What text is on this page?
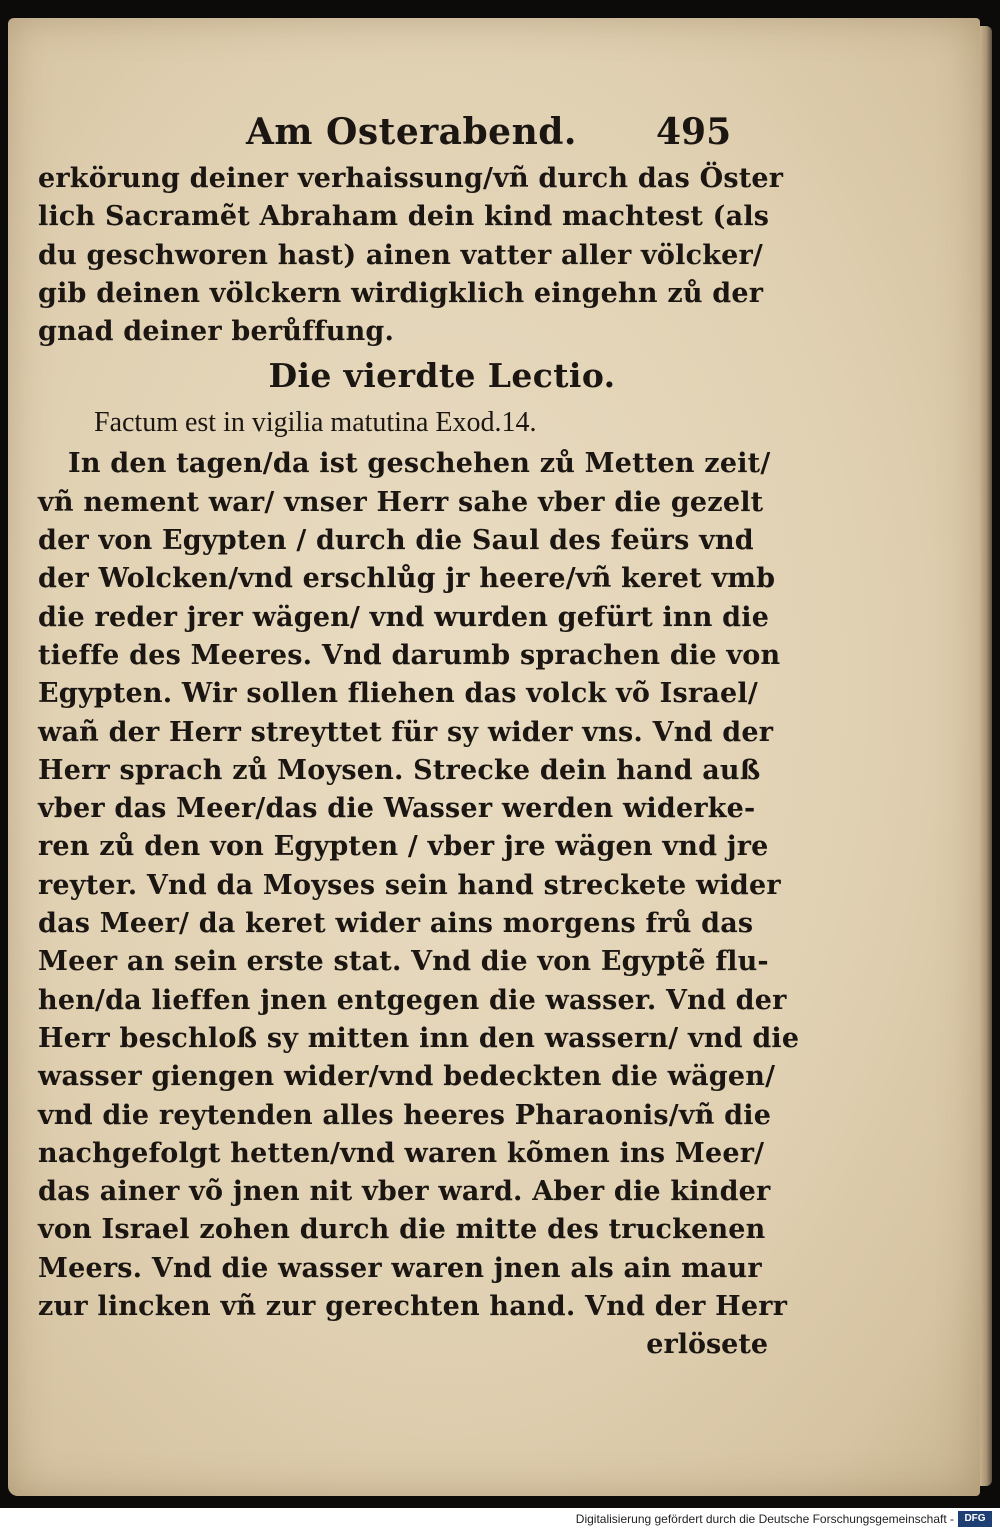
Am Osterabend. 495
erkörung deiner verhaissung/vñ durch das Öster
lich Sacramẽt Abraham dein kind machtest (als
du geschworen hast) ainen vatter aller völcker/
gib deinen völckern wirdigklich eingehn zů der
gnad deiner berůffung.
Die vierdte Lectio.
Factum est in vigilia matutina Exod.14.
In den tagen/da ist geschehen zů Metten zeit/
vñ nement war/ vnser Herr sahe vber die gezelt
der von Egypten / durch die Saul des feürs vnd
der Wolcken/vnd erschlůg jr heere/vñ keret vmb
die reder jrer wägen/ vnd wurden gefürt inn die
tieffe des Meeres. Vnd darumb sprachen die von
Egypten. Wir sollen fliehen das volck võ Israel/
wañ der Herr streyttet für sy wider vns. Vnd der
Herr sprach zů Moysen. Strecke dein hand auß
vber das Meer/das die Wasser werden widerke-
ren zů den von Egypten / vber jre wägen vnd jre
reyter. Vnd da Moyses sein hand streckete wider
das Meer/ da keret wider ains morgens frů das
Meer an sein erste stat. Vnd die von Egyptẽ flu-
hen/da lieffen jnen entgegen die wasser. Vnd der
Herr beschloß sy mitten inn den wassern/ vnd die
wasser giengen wider/vnd bedeckten die wägen/
vnd die reytenden alles heeres Pharaonis/vñ die
nachgefolgt hetten/vnd waren kõmen ins Meer/
das ainer võ jnen nit vber ward. Aber die kinder
von Israel zohen durch die mitte des truckenen
Meers. Vnd die wasser waren jnen als ain maur
zur lincken vñ zur gerechten hand. Vnd der Herr
erlösete
Digitalisierung gefördert durch die Deutsche Forschungsgemeinschaft -	DFG
